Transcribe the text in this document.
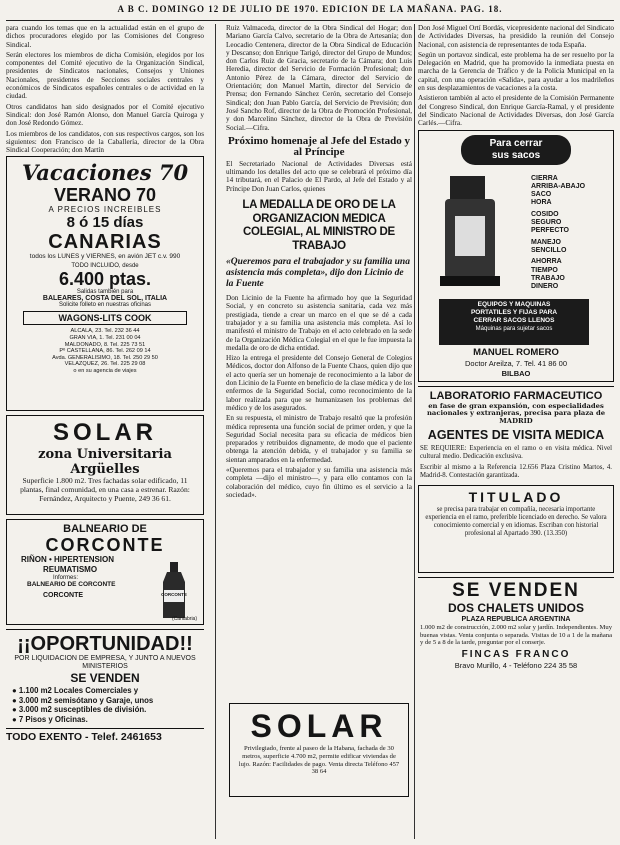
A B C. DOMINGO 12 DE JULIO DE 1970. EDICION DE LA MAÑANA. PAG. 18.

para cuando los temas que en la actualidad están en el grupo de dichos procuradores elegido por las Comisiones del Congreso Sindical.

Serán electores los miembros de dicha Comisión, elegidos por los componentes del Comité ejecutivo de la Organización Sindical, presidentes de Sindicatos nacionales, Consejos y Uniones Nacionales, presidentes de Secciones sociales centrales y económicos de Sindicatos españoles centrales o de actividad en la ciudad.

Otros candidatos han sido designados por el Comité ejecutivo Sindical: don José Ramón Alonso, don Manuel García Quiroga y don José Redondo Gómez.

Los miembros de los candidatos, con sus respectivos cargos, son los siguientes: don Francisco de la Caballería, director de la Obra Sindical Cooperación; don Martín

Vacaciones 70
VERANO 70
A PRECIOS INCREIBLES
8 ó 15 días
CANARIAS
todos los LUNES y VIERNES, en avión JET c.v. 990
TODO INCLUIDO, desde
6.400 ptas.
Salidas también para
BALEARES, COSTA DEL SOL, ITALIA
Solicite folleto en nuestras oficinas
WAGONS-LITS COOK
ALCALA, 23. Tel. 232 36 44
GRAN VIA, 1. Tel. 231 00 04
MALDONADO, 8. Tel. 225 73 51
Pº CASTELLANA, 86. Tel. 262 09 14
Avda. GENERALISIMO, 18. Tel. 250 29 50
VELAZQUEZ, 26. Tel. 225 29 08
o en su agencia de viajes
SOLAR
zona Universitaria Argüelles

Superficie 1.800 m2. Tres fachadas solar edificado, 11 plantas, final comunidad, en una casa a estrenar. Razón: Fernández, Arquitecto y Puente, 249 36 61.

BALNEARIO DE
CORCONTE
RIÑON • HIPERTENSION
REUMATISMO
Informes:
BALNEARIO DE CORCONTE
CORCONTE	CORCONTE
(Cantabria)
¡¡OPORTUNIDAD!!
POR LIQUIDACION DE EMPRESA, Y JUNTO A NUEVOS MINISTERIOS
SE VENDEN
● 1.100 m2 Locales Comerciales y
● 3.000 m2 semisótano y Garaje, unos
● 3.000 m2 susceptibles de división.
● 7 Pisos y Oficinas.
TODO EXENTO - Telef. 2461653

Ruíz Valmaceda, director de la Obra Sindical del Hogar; don Mariano García Calvo, secretario de la Obra de Artesanía; don Leocadio Centenera, director de la Obra Sindical de Educación y Descanso; don Enrique Tarigó, director del Grupo de Mundos; don Carlos Ruiz de Gracia, secretario de la Cámara; don Luis Heredia, director del Servicio de Formación Profesional; don Antonio Pérez de la Cámara, director del Servicio de Orientación; don Manuel Martín, director del Servicio de Prensa; don Fernando Sánchez Cerón, secretario del Consejo Sindical; don Juan Pablo García, del Servicio de Previsión; don José Sancho Rof, director de la Obra de Promoción Profesional, y don Marcelino Sánchez, director de la Obra de Previsión Social.—Cifra.

Próximo homenaje al Jefe del Estado y al Príncipe

El Secretariado Nacional de Actividades Diversas está ultimando los detalles del acto que se celebrará el próximo día 14 tributará, en el Palacio de El Pardo, al Jefe del Estado y al Príncipe Don Juan Carlos, quienes

LA MEDALLA DE ORO DE LA ORGANIZACION MEDICA COLEGIAL, AL MINISTRO DE TRABAJO
«Queremos para el trabajador y su familia una asistencia más completa», dijo don Licinio de la Fuente

Don Licinio de la Fuente ha afirmado hoy que la Seguridad Social, y en concreto su asistencia sanitaria, cada vez más prestigiada, tiende a crear un marco en el que se dé a cada trabajador y a su familia una asistencia más completa. Así lo manifestó el ministro de Trabajo en el acto celebrado en la sede de la Organización Médica Colegial en el que le fue impuesta la medalla de oro de dicha entidad.

Hizo la entrega el presidente del Consejo General de Colegios Médicos, doctor don Alfonso de la Fuente Chaos, quien dijo que el acto quería ser un homenaje de reconocimiento a la labor de don Licinio de la Fuente en beneficio de la clase médica y de los enfermos de la Seguridad Social, como reconocimiento de la labor realizada para que se humanizasen los problemas del médico y de los asegurados.

En su respuesta, el ministro de Trabajo resaltó que la profesión médica representa una función social de primer orden, y que la Seguridad Social necesita para su eficacia de médicos bien preparados y retribuidos dignamente, de modo que el paciente obtenga la atención debida, y el trabajador y su familia se sientan amparados en la enfermedad.

«Queremos para el trabajador y su familia una asistencia más completa —dijo el ministro—, y para ello contamos con la colaboración del médico, cuyo fin último es el servicio a la sociedad».

SOLAR

Privilegiado, frente al paseo de la Habana, fachada de 30 metros, superficie 4.700 m2, permite edificar viviendas de lujo. Razón: Facilidades de pago. Venta directa Teléfono 457 38 64

Don José Miguel Ortí Bordás, vicepresidente nacional del Sindicato de Actividades Diversas, ha presidido la reunión del Consejo Nacional, con asistencia de representantes de toda España.

Según un portavoz sindical, este problema ha de ser resuelto por la Delegación en Madrid, que ha promovido la inmediata puesta en marcha de la Gerencia de Tráfico y de la Policía Municipal en la capital, con una operación «Salida», para ayudar a los madrileños en sus desplazamientos de vacaciones a la costa.

Asistieron también al acto el presidente de la Comisión Permanente del Congreso Sindical, don Enrique García-Ramal, y el presidente del Sindicato Nacional de Actividades Diversas, don José García Carlés.—Cifra.

Para cerrar
sus sacos
CIERRA
ARRIBA-ABAJO
SACO
HORA
COSIDO
SEGURO
PERFECTO
MANEJO
SENCILLO
AHORRA
TIEMPO
TRABAJO
DINERO
EQUIPOS Y MAQUINAS
PORTATILES Y FIJAS PARA
CERRAR SACOS LLENOS
Máquinas para sujetar sacos
MANUEL ROMERO
Doctor Areilza, 7. Tel. 41 86 00
BILBAO
LABORATORIO FARMACEUTICO
en fase de gran expansión, con especialidades nacionales y extranjeras, precisa para plaza de MADRID
AGENTES DE VISITA MEDICA

SE REQUIERE: Experiencia en el ramo o en visita médica. Nivel cultural medio. Dedicación exclusiva.

Escribir al mismo a la Referencia 12.656 Plaza Cristino Martos, 4. Madrid-8. Contestación garantizada.

TITULADO

se precisa para trabajar en compañía, necesaria importante experiencia en el ramo, preferible licenciado en derecho. Se valora conocimiento comercial y en idiomas. Escriban con historial profesional al Apartado 390. (13.350)

SE VENDEN
DOS CHALETS UNIDOS
PLAZA REPUBLICA ARGENTINA

1.000 m2 de construcción, 2.000 m2 solar y jardín. Independientes. Muy buenas vistas. Venta conjunta o separada. Visitas de 10 a 1 de la mañana y de 5 a 8 de la tarde, preguntar por el conserje.

FINCAS FRANCO
Bravo Murillo, 4 - Teléfono 224 35 58
